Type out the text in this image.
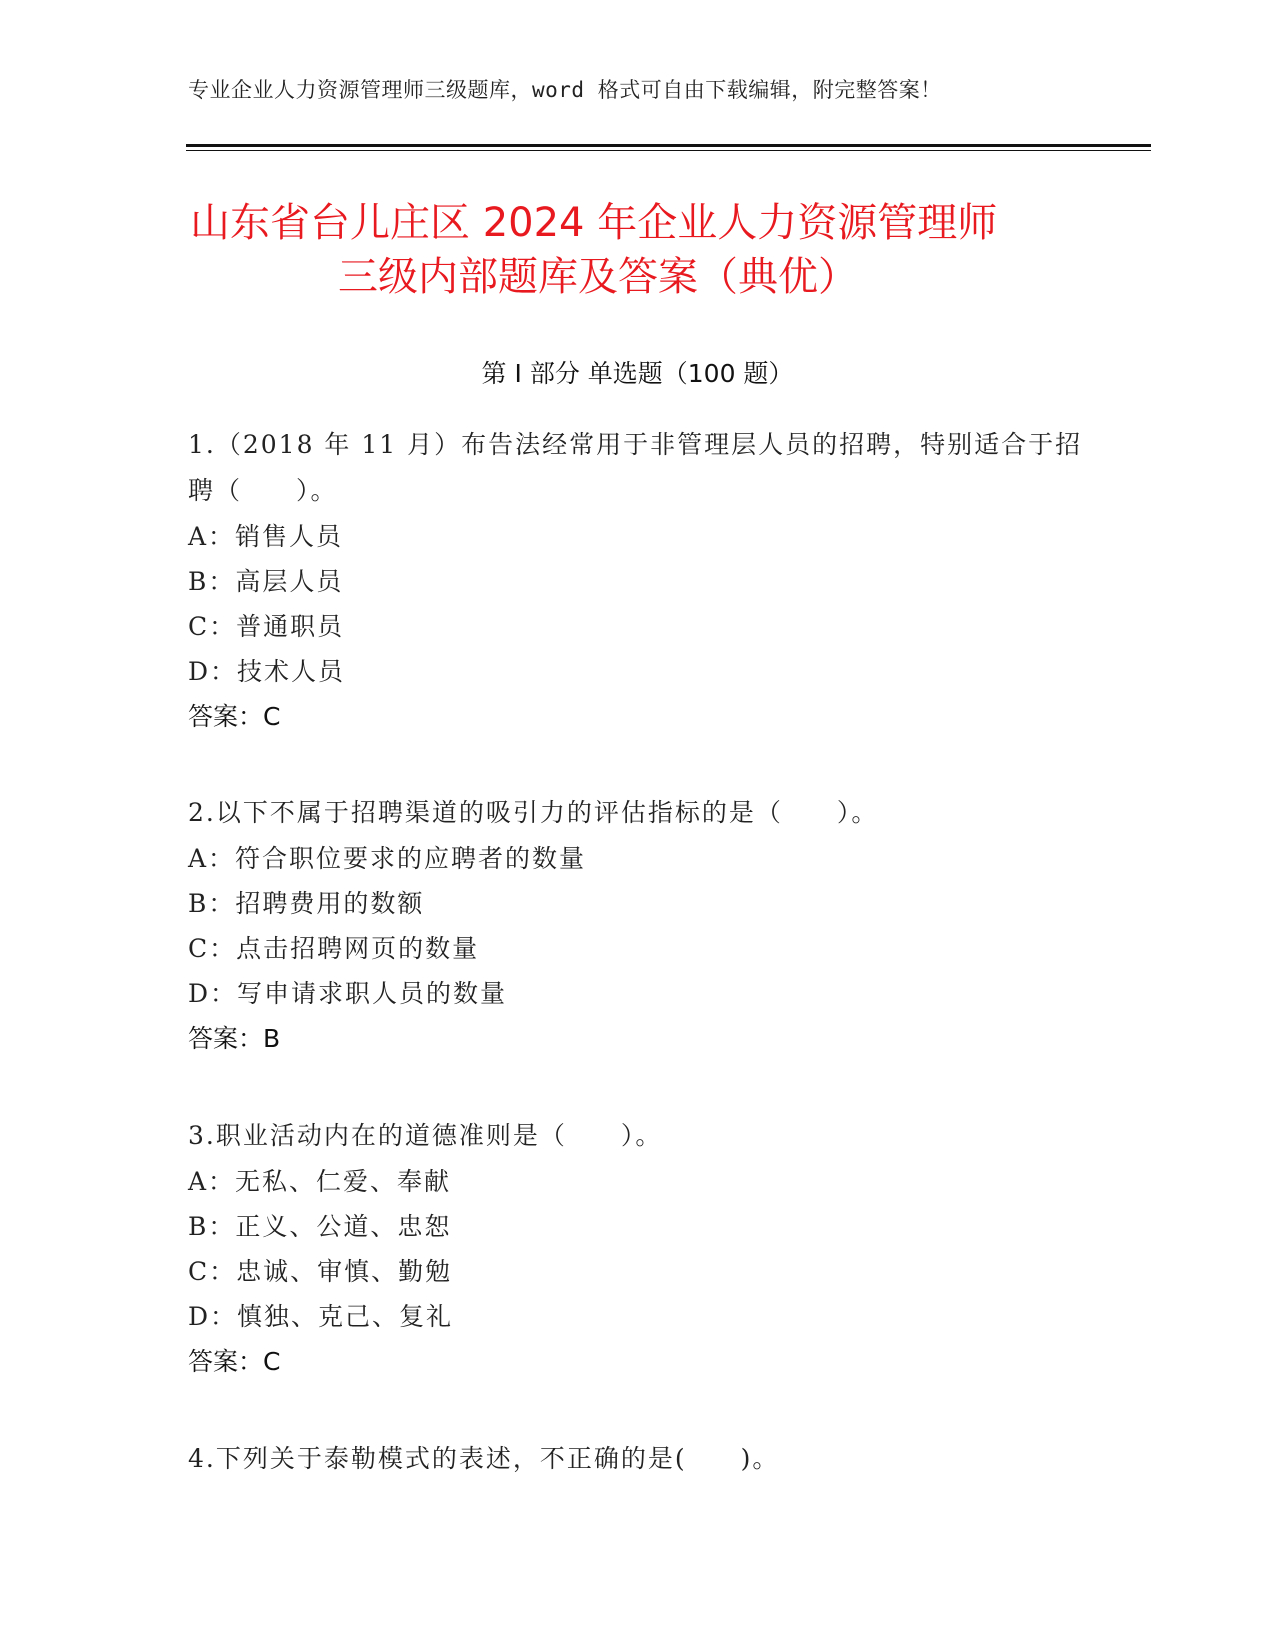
专业企业人力资源管理师三级题库，word 格式可自由下载编辑，附完整答案！
山东省台儿庄区 2024 年企业人力资源管理师
三级内部题库及答案（典优）
第 I 部分 单选题（100 题）
1.（2018 年 11 月）布告法经常用于非管理层人员的招聘，特别适合于招聘（　　）。
A：销售人员
B：高层人员
C：普通职员
D：技术人员
答案：C
2.以下不属于招聘渠道的吸引力的评估指标的是（　　）。
A：符合职位要求的应聘者的数量
B：招聘费用的数额
C：点击招聘网页的数量
D：写申请求职人员的数量
答案：B
3.职业活动内在的道德准则是（　　）。
A：无私、仁爱、奉献
B：正义、公道、忠恕
C：忠诚、审慎、勤勉
D：慎独、克己、复礼
答案：C
4.下列关于泰勒模式的表述，不正确的是(　　)。
